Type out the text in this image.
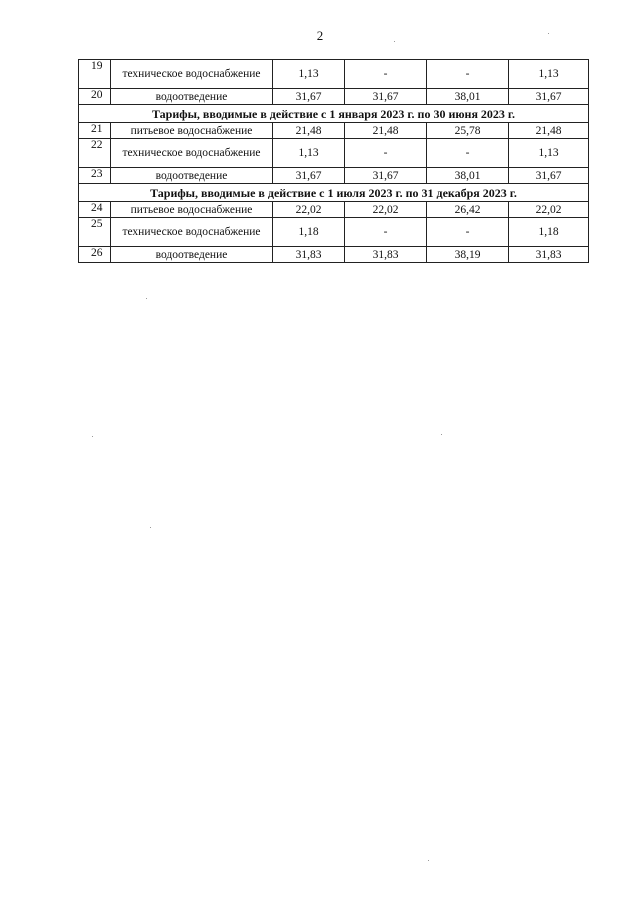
2
19	техническое водоснабжение	1,13	-	-	1,13
20	водоотведение	31,67	31,67	38,01	31,67
Тарифы, вводимые в действие с 1 января 2023 г. по 30 июня 2023 г.					
21	питьевое водоснабжение	21,48	21,48	25,78	21,48
22	техническое водоснабжение	1,13	-	-	1,13
23	водоотведение	31,67	31,67	38,01	31,67
Тарифы, вводимые в действие с 1 июля 2023 г. по 31 декабря 2023 г.					
24	питьевое водоснабжение	22,02	22,02	26,42	22,02
25	техническое водоснабжение	1,18	-	-	1,18
26	водоотведение	31,83	31,83	38,19	31,83
